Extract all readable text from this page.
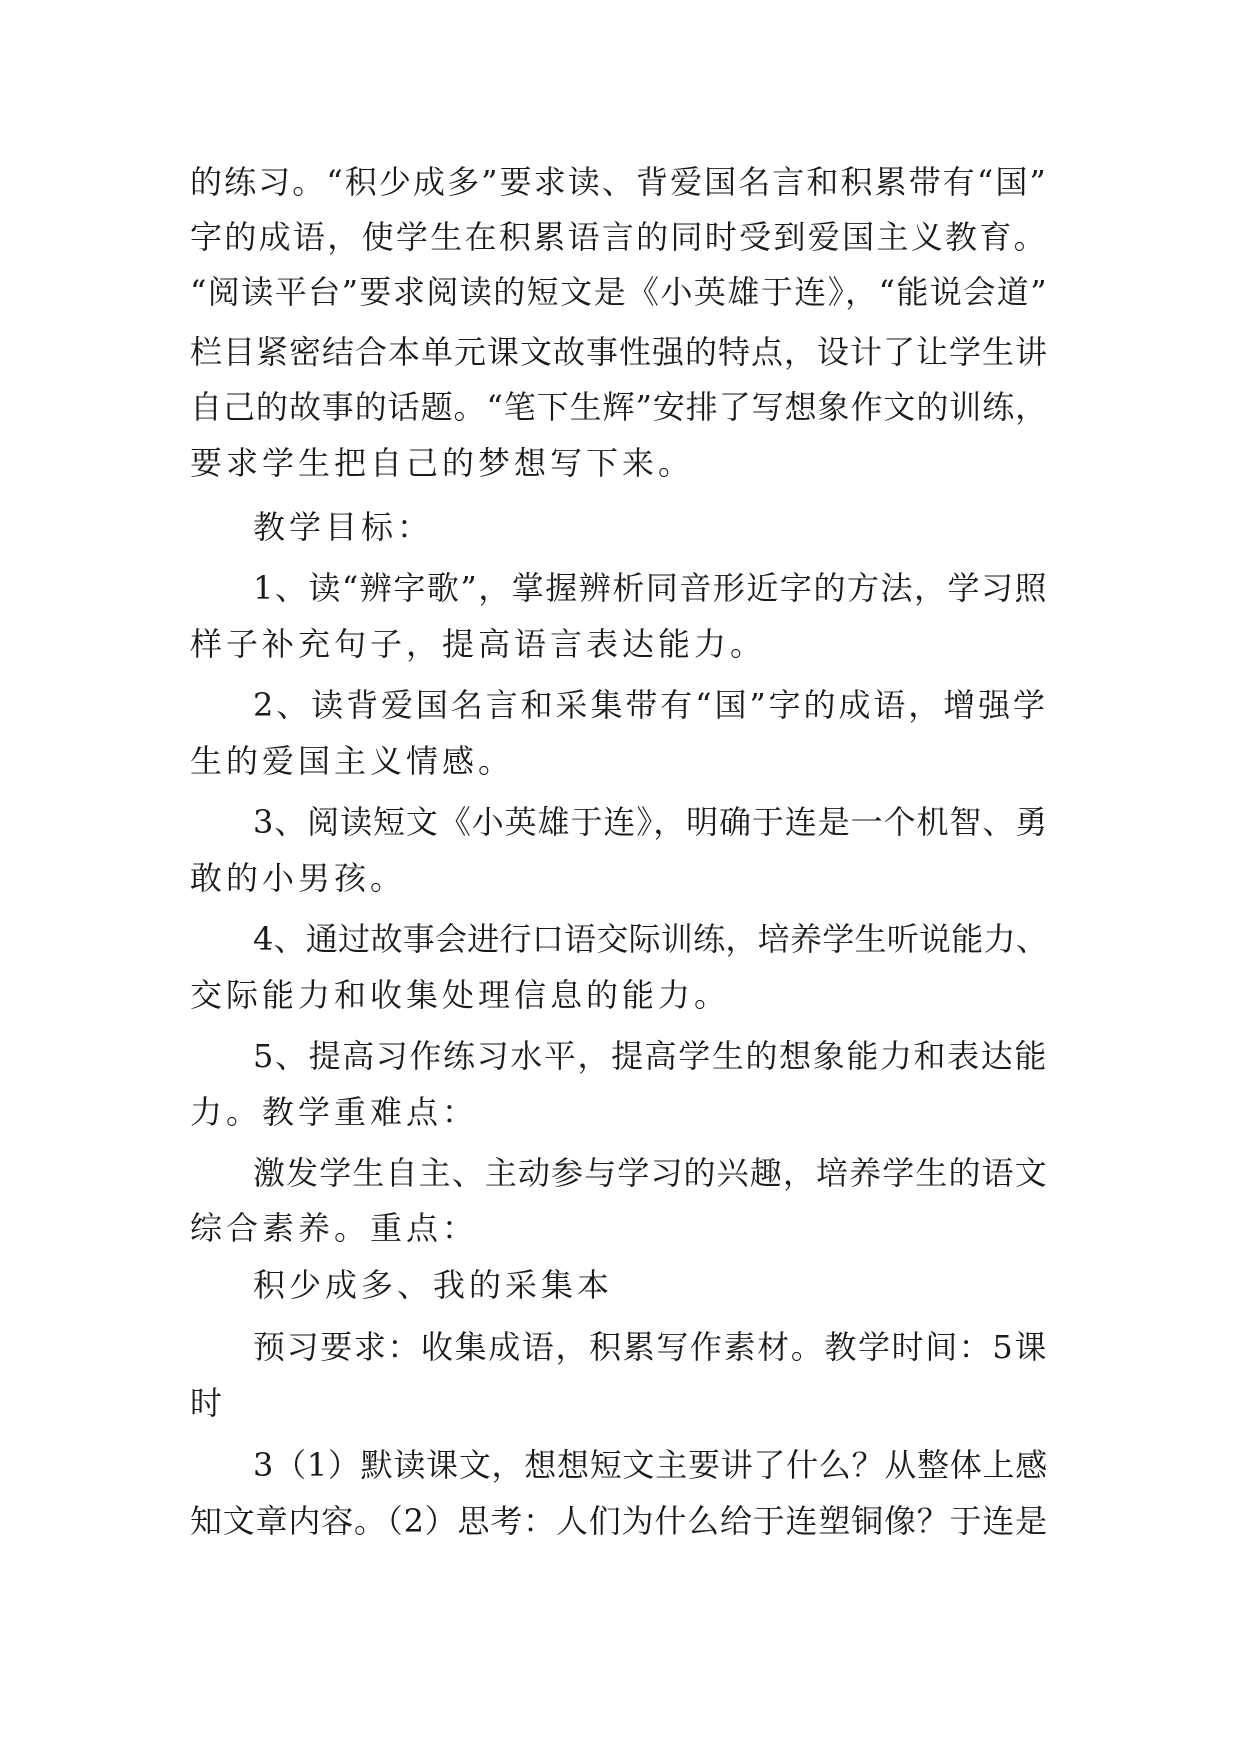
的练习。“积少成多”要求读、背爱国名言和积累带有“国”

字的成语，使学生在积累语言的同时受到爱国主义教育。

“阅读平台”要求阅读的短文是《小英雄于连》，“能说会道”

栏目紧密结合本单元课文故事性强的特点，设计了让学生讲

自己的故事的话题。“笔下生辉”安排了写想象作文的训练，

要求学生把自己的梦想写下来。

教学目标：

1、读“辨字歌”，掌握辨析同音形近字的方法，学习照

样子补充句子，提高语言表达能力。

2、读背爱国名言和采集带有“国”字的成语，增强学

生的爱国主义情感。

3、阅读短文《小英雄于连》，明确于连是一个机智、勇

敢的小男孩。

4、通过故事会进行口语交际训练，培养学生听说能力、

交际能力和收集处理信息的能力。

5、提高习作练习水平，提高学生的想象能力和表达能

力。教学重难点：

激发学生自主、主动参与学习的兴趣，培养学生的语文

综合素养。重点：

积少成多、我的采集本

预习要求：收集成语，积累写作素材。教学时间：5课

时

3（1）默读课文，想想短文主要讲了什么？从整体上感

知文章内容。（2）思考：人们为什么给于连塑铜像？于连是
